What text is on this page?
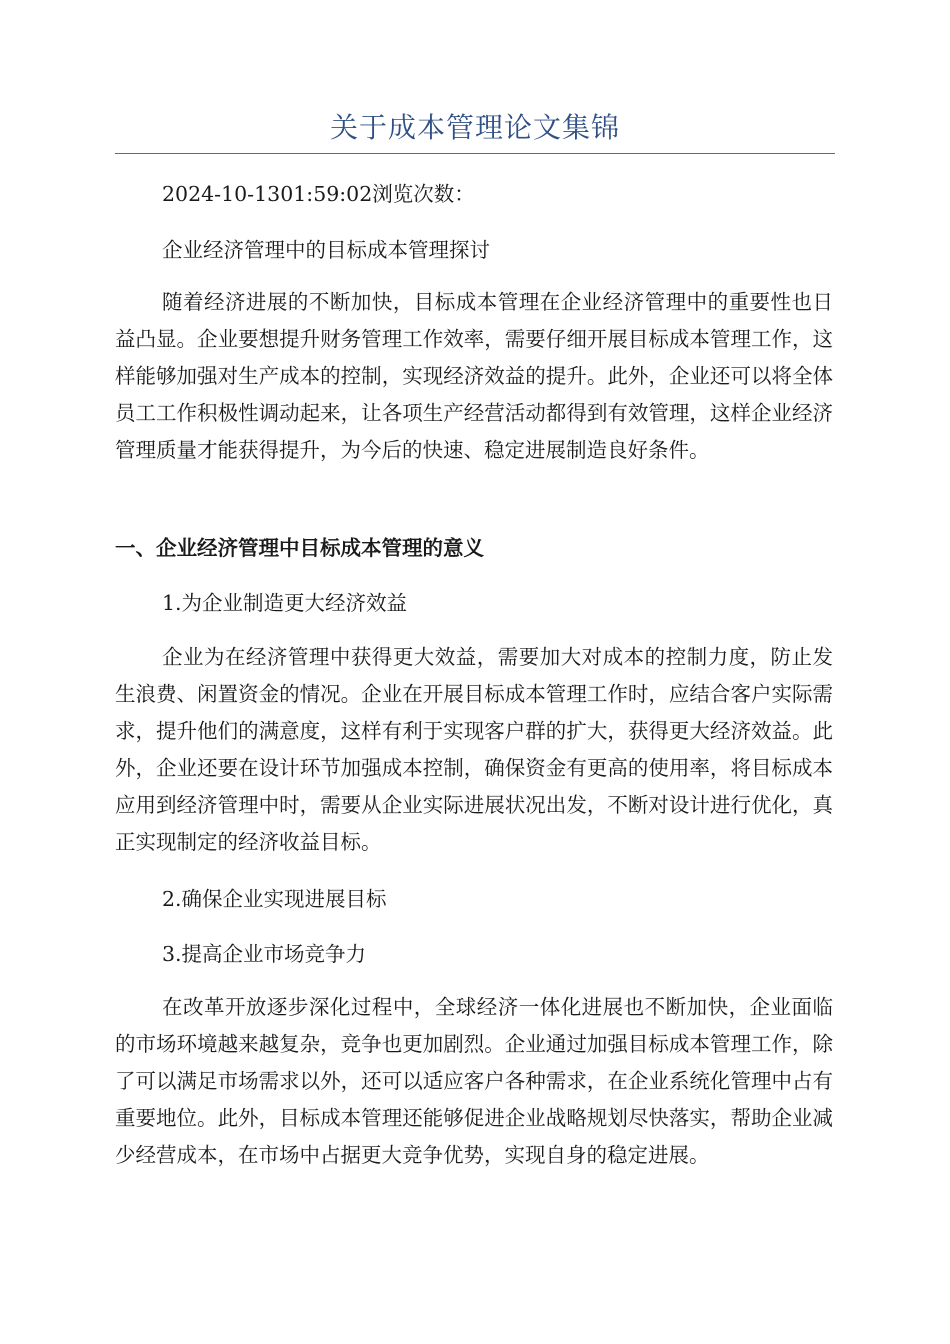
关于成本管理论文集锦
2024-10-1301:59:02浏览次数：
企业经济管理中的目标成本管理探讨

随着经济进展的不断加快，目标成本管理在企业经济管理中的重要性也日益凸显。企业要想提升财务管理工作效率，需要仔细开展目标成本管理工作，这样能够加强对生产成本的控制，实现经济效益的提升。此外，企业还可以将全体员工工作积极性调动起来，让各项生产经营活动都得到有效管理，这样企业经济管理质量才能获得提升，为今后的快速、稳定进展制造良好条件。

一、企业经济管理中目标成本管理的意义
1.为企业制造更大经济效益

企业为在经济管理中获得更大效益，需要加大对成本的控制力度，防止发生浪费、闲置资金的情况。企业在开展目标成本管理工作时，应结合客户实际需求，提升他们的满意度，这样有利于实现客户群的扩大，获得更大经济效益。此外，企业还要在设计环节加强成本控制，确保资金有更高的使用率，将目标成本应用到经济管理中时，需要从企业实际进展状况出发，不断对设计进行优化，真正实现制定的经济收益目标。

2.确保企业实现进展目标
3.提高企业市场竞争力

在改革开放逐步深化过程中，全球经济一体化进展也不断加快，企业面临的市场环境越来越复杂，竞争也更加剧烈。企业通过加强目标成本管理工作，除了可以满足市场需求以外，还可以适应客户各种需求，在企业系统化管理中占有重要地位。此外，目标成本管理还能够促进企业战略规划尽快落实，帮助企业减少经营成本，在市场中占据更大竞争优势，实现自身的稳定进展。
